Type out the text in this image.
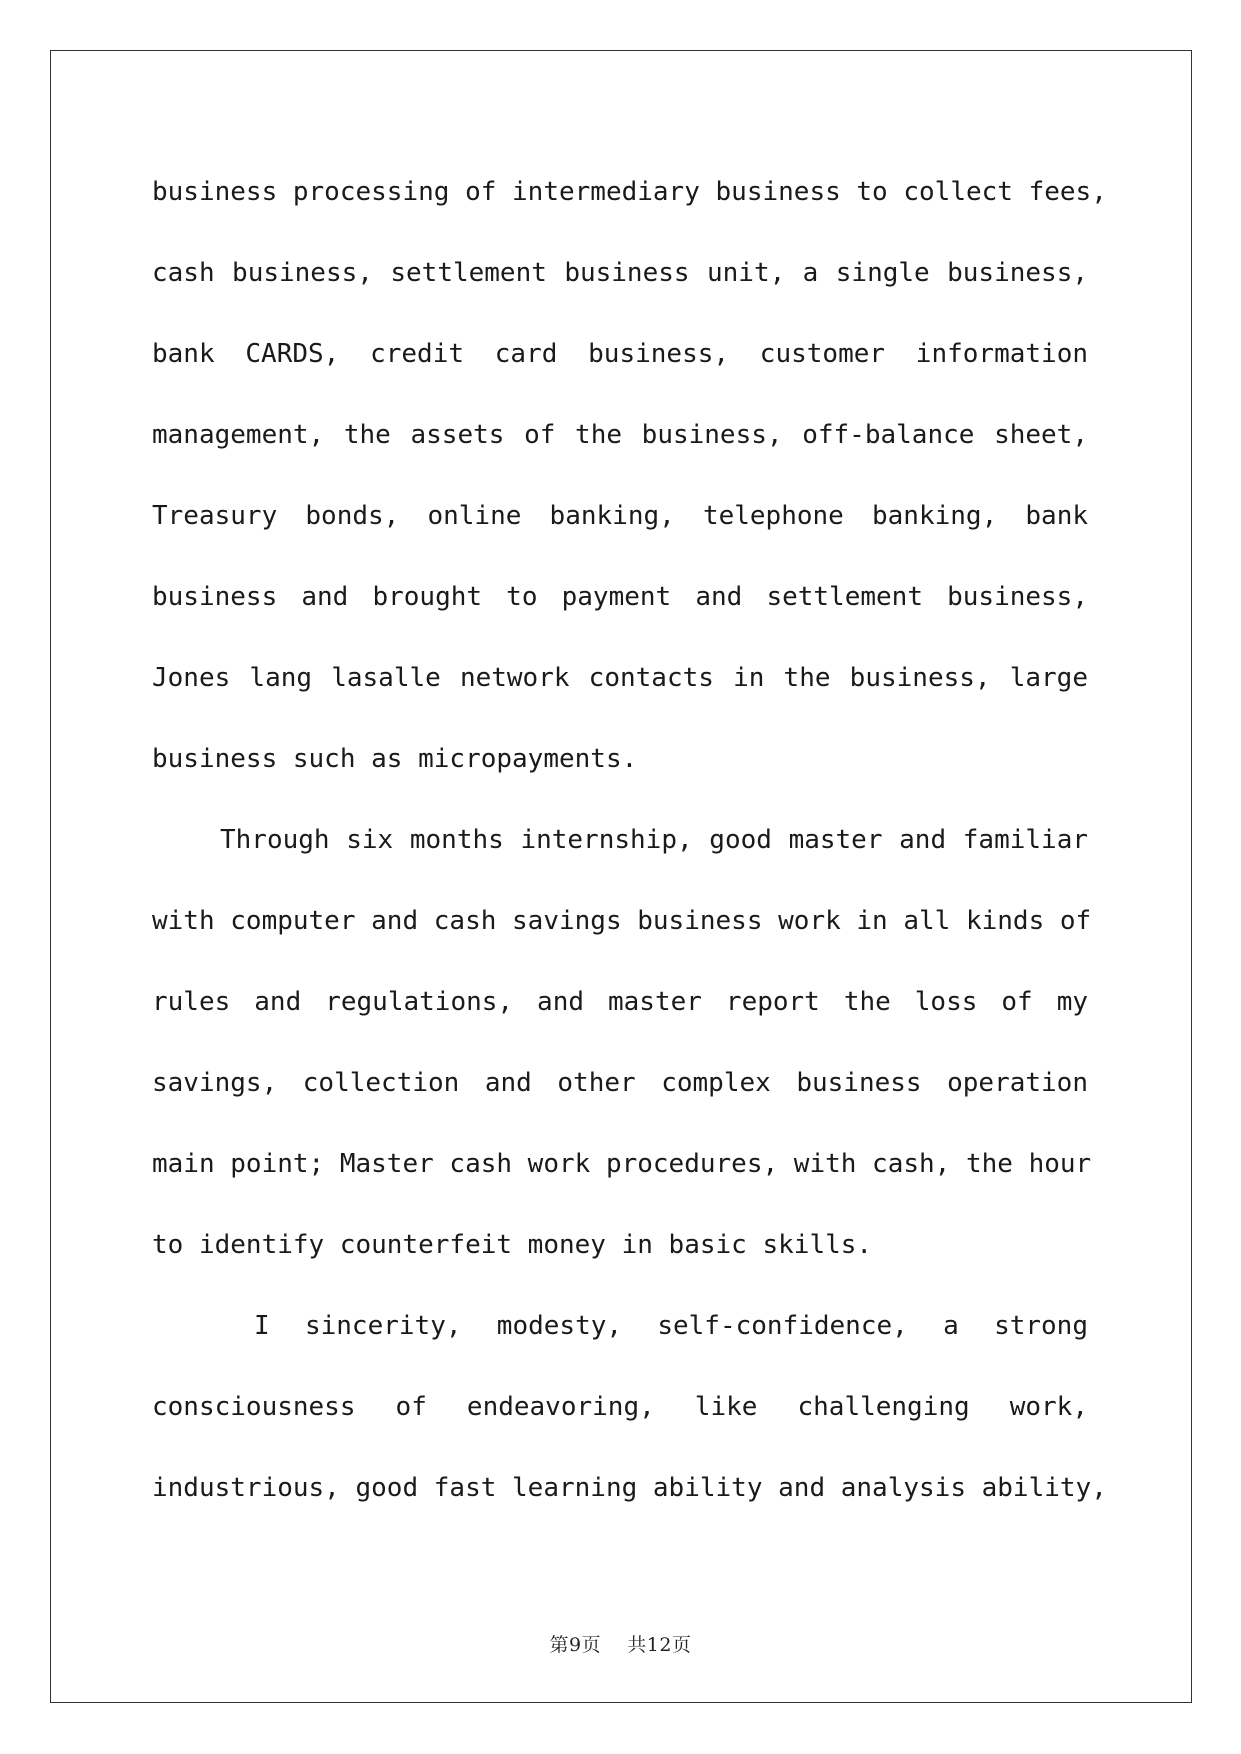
business processing of intermediary business to collect fees,
cash business, settlement business unit, a single business,
bank CARDS, credit card business, customer information
management, the assets of the business, off-balance sheet,
Treasury bonds, online banking, telephone banking, bank
business and brought to payment and settlement business,
Jones lang lasalle network contacts in the business, large
business such as micropayments.
Through six months internship, good master and familiar
with computer and cash savings business work in all kinds of
rules and regulations, and master report the loss of my
savings, collection and other complex business operation
main point; Master cash work procedures, with cash, the hour
to identify counterfeit money in basic skills.
I sincerity, modesty, self-confidence, a strong
consciousness of endeavoring, like challenging work,
industrious, good fast learning ability and analysis ability,
第9页 共12页
